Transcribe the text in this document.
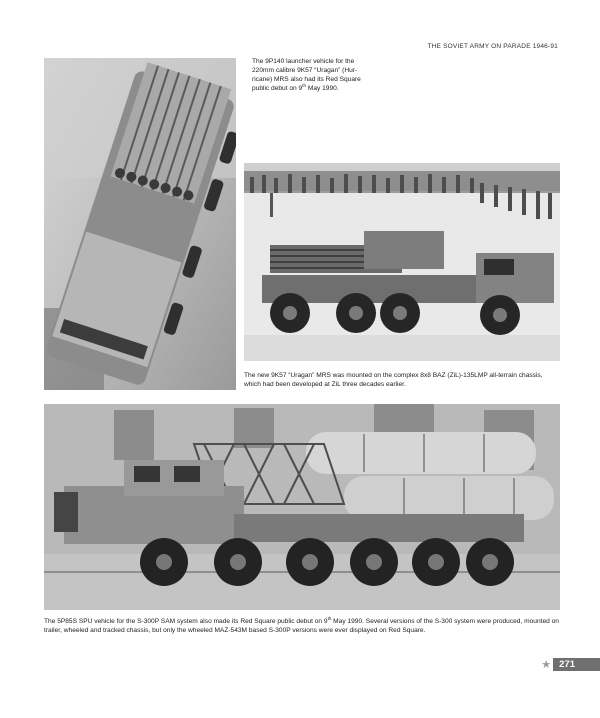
THE SOVIET ARMY ON PARADE 1946-91
The 9P140 launcher vehicle for the 220mm calibre 9K57 “Uragan” (Hur-ricane) MRS also had its Red Square public debut on 9th May 1990.
The new 9K57 “Uragan” MRS was mounted on the complex 8x8 BAZ (ZiL)-135LMP all-terrain chassis, which had been developed at ZiL three decades earlier.
The 5P85S SPU vehicle for the S-300P SAM system also made its Red Square public debut on 9th May 1990. Several versions of the S-300 system were produced, mounted on trailer, wheeled and tracked chassis, but only the wheeled MAZ-543M based S-300P versions were ever displayed on Red Square.
★ 271
